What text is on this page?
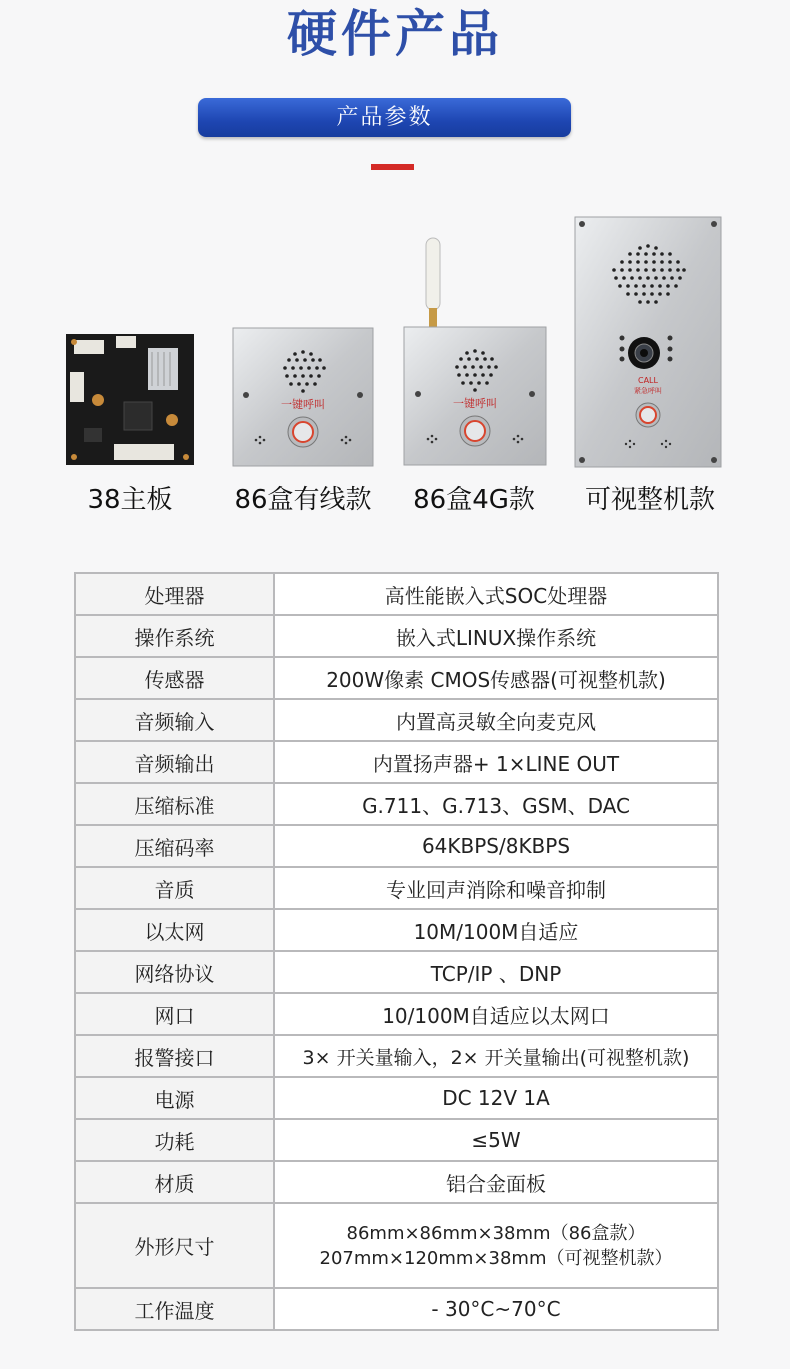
硬件产品
产品参数
一键呼叫	一键呼叫
CALL
紧急呼叫
38主板	86盒有线款	86盒4G款	可视整机款
处理器	高性能嵌入式SOC处理器
操作系统	嵌入式LINUX操作系统
传感器	200W像素 CMOS传感器(可视整机款)
音频输入	内置高灵敏全向麦克风
音频输出	内置扬声器+ 1×LINE OUT
压缩标准	G.711、G.713、GSM、DAC
压缩码率	64KBPS/8KBPS
音质	专业回声消除和噪音抑制
以太网	10M/100M自适应
网络协议	TCP/IP 、DNP
网口	10/100M自适应以太网口
报警接口	3× 开关量输入，2× 开关量输出(可视整机款)
电源	DC 12V 1A
功耗	≤5W
材质	铝合金面板
外形尺寸	86mm×86mm×38mm（86盒款）
207mm×120mm×38mm（可视整机款）

工作温度	- 30°C~70°C
